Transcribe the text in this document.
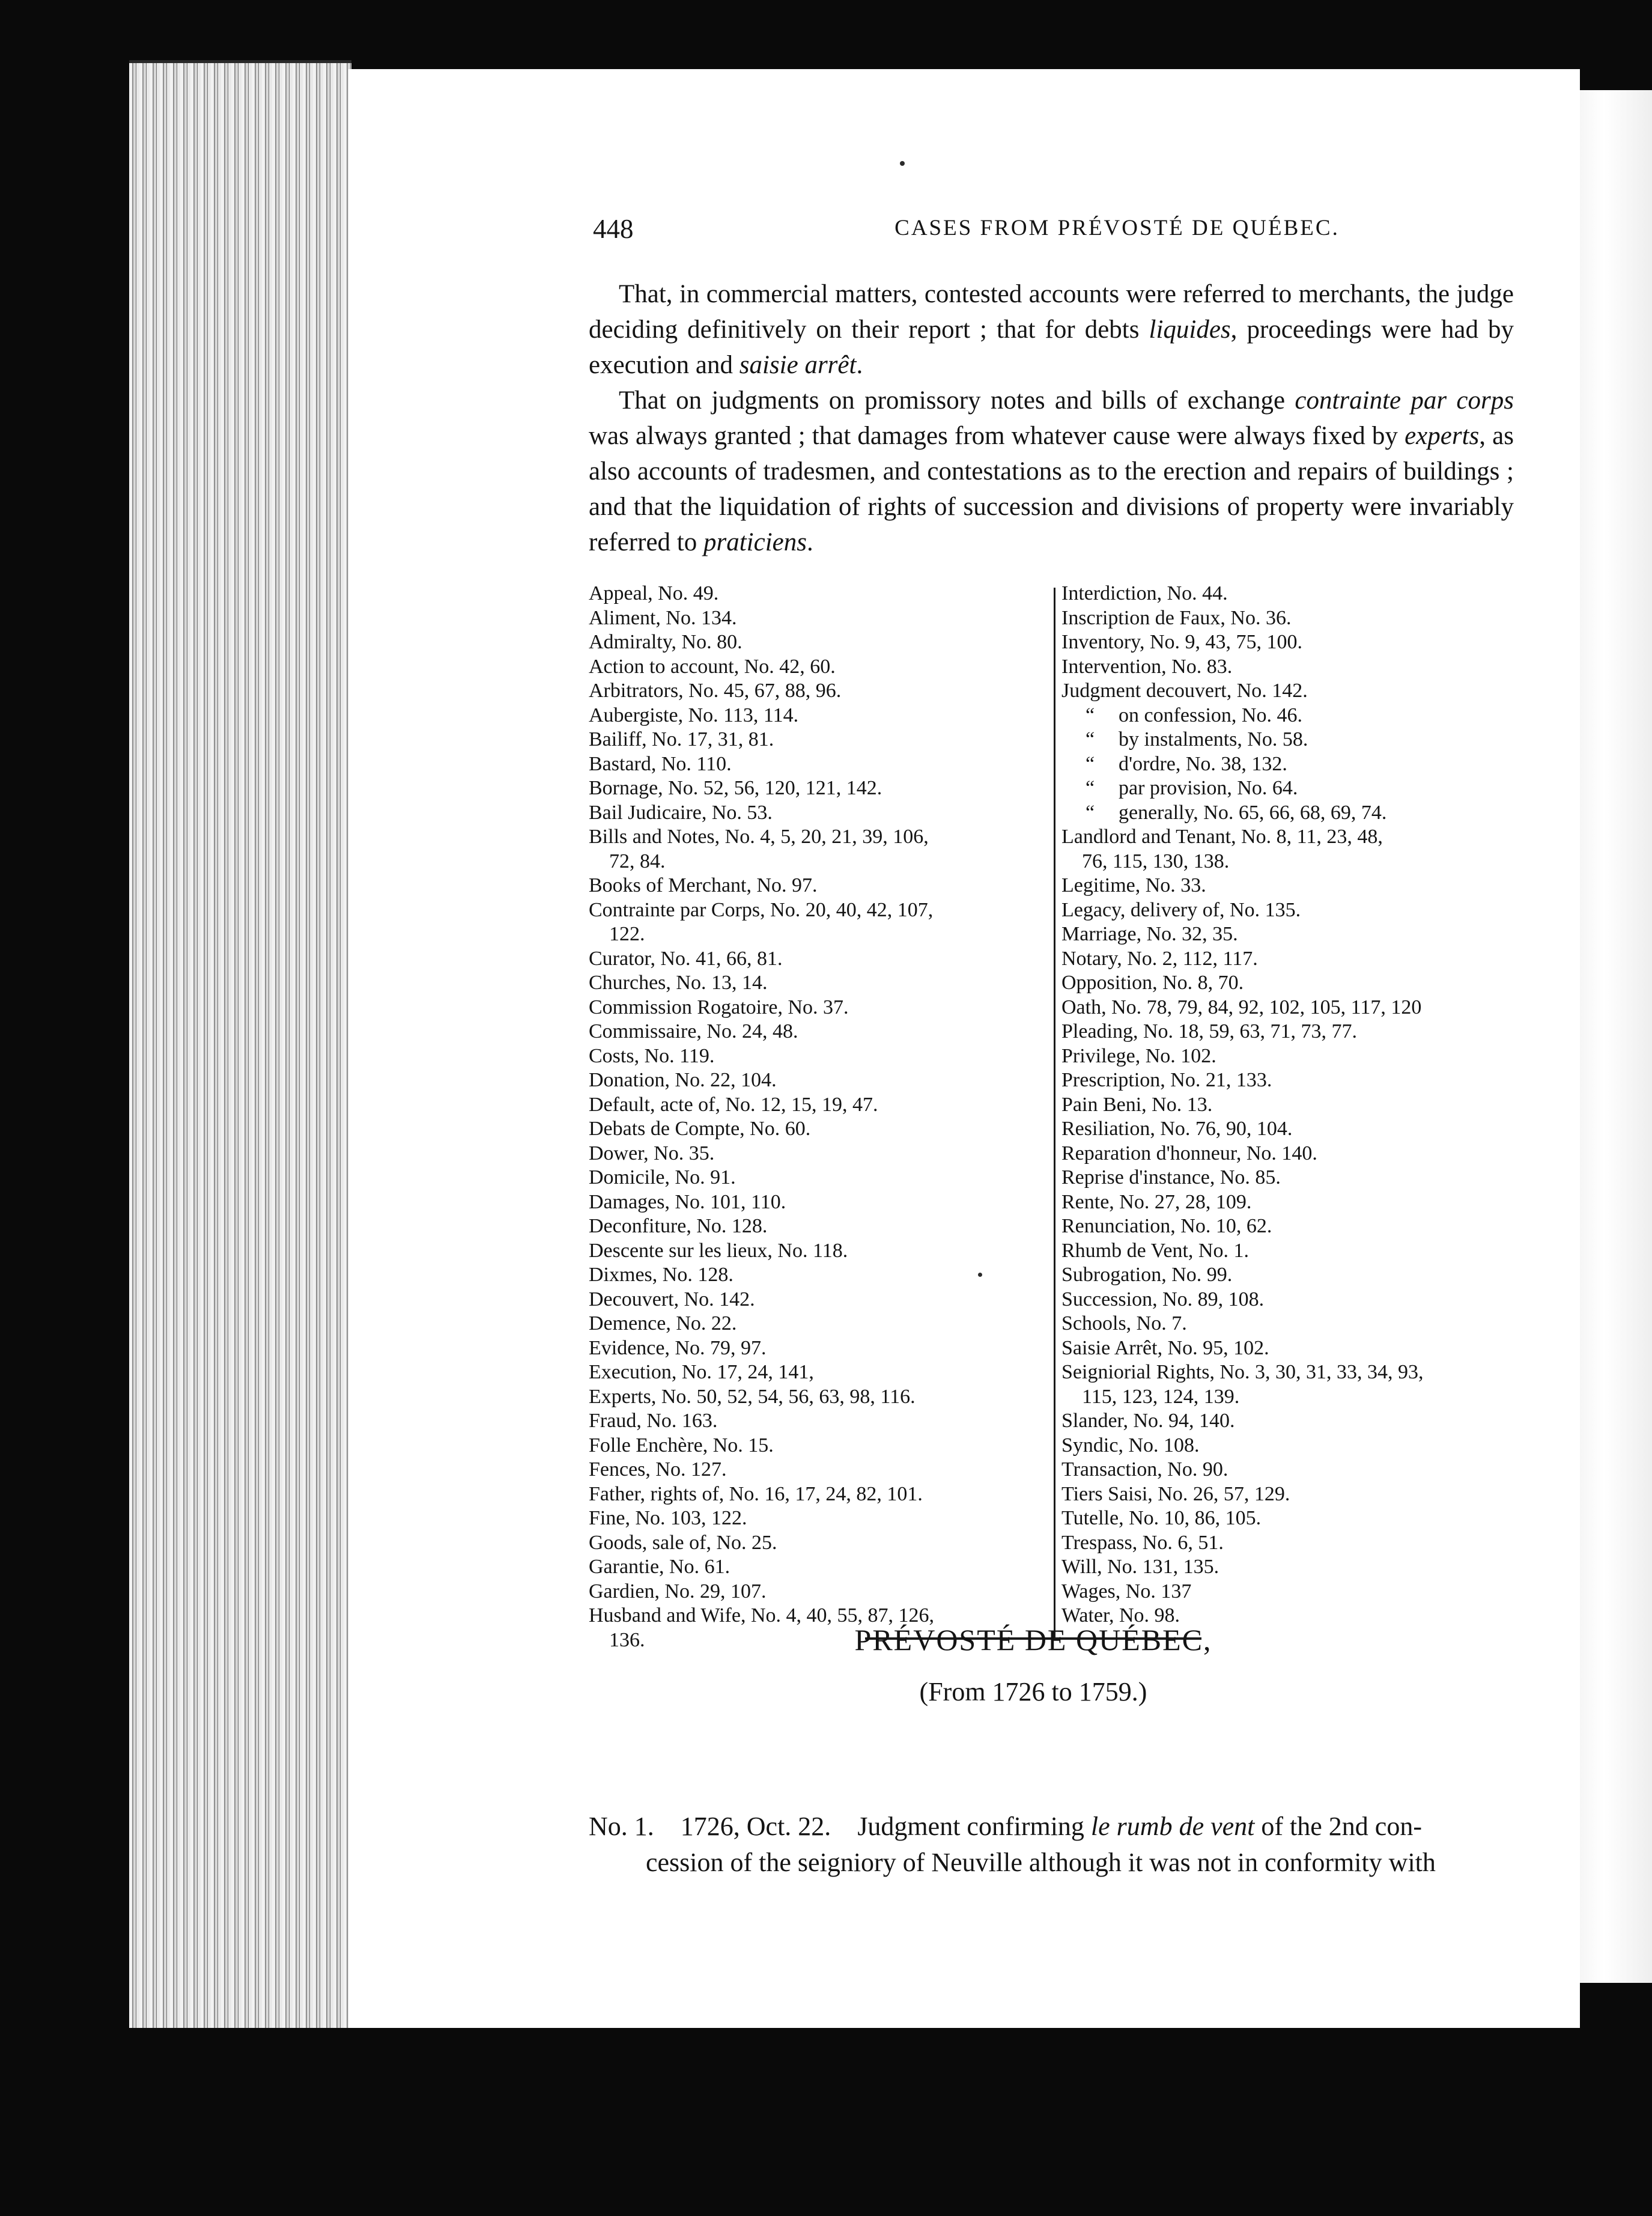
448	CASES FROM PRÉVOSTÉ DE QUÉBEC.

That, in commercial matters, contested accounts were referred to merchants, the judge deciding definitively on their report ; that for debts liquides, proceedings were had by execution and saisie arrêt.

That on judgments on promissory notes and bills of exchange contrainte par corps was always granted ; that damages from whatever cause were always fixed by experts, as also accounts of tradesmen, and contestations as to the erection and repairs of buildings ; and that the liquidation of rights of succession and divisions of property were invariably referred to praticiens.

Appeal, No. 49.
Aliment, No. 134.
Admiralty, No. 80.
Action to account, No. 42, 60.
Arbitrators, No. 45, 67, 88, 96.
Aubergiste, No. 113, 114.
Bailiff, No. 17, 31, 81.
Bastard, No. 110.
Bornage, No. 52, 56, 120, 121, 142.
Bail Judicaire, No. 53.
Bills and Notes, No. 4, 5, 20, 21, 39, 106,
72, 84.
Books of Merchant, No. 97.
Contrainte par Corps, No. 20, 40, 42, 107,
122.
Curator, No. 41, 66, 81.
Churches, No. 13, 14.
Commission Rogatoire, No. 37.
Commissaire, No. 24, 48.
Costs, No. 119.
Donation, No. 22, 104.
Default, acte of, No. 12, 15, 19, 47.
Debats de Compte, No. 60.
Dower, No. 35.
Domicile, No. 91.
Damages, No. 101, 110.
Deconfiture, No. 128.
Descente sur les lieux, No. 118.
Dixmes, No. 128.
Decouvert, No. 142.
Demence, No. 22.
Evidence, No. 79, 97.
Execution, No. 17, 24, 141,
Experts, No. 50, 52, 54, 56, 63, 98, 116.
Fraud, No. 163.
Folle Enchère, No. 15.
Fences, No. 127.
Father, rights of, No. 16, 17, 24, 82, 101.
Fine, No. 103, 122.
Goods, sale of, No. 25.
Garantie, No. 61.
Gardien, No. 29, 107.
Husband and Wife, No. 4, 40, 55, 87, 126,
136.
Interdiction, No. 44.
Inscription de Faux, No. 36.
Inventory, No. 9, 43, 75, 100.
Intervention, No. 83.
Judgment decouvert, No. 142.
“ on confession, No. 46.
“ by instalments, No. 58.
“ d'ordre, No. 38, 132.
“ par provision, No. 64.
“ generally, No. 65, 66, 68, 69, 74.
Landlord and Tenant, No. 8, 11, 23, 48,
76, 115, 130, 138.
Legitime, No. 33.
Legacy, delivery of, No. 135.
Marriage, No. 32, 35.
Notary, No. 2, 112, 117.
Opposition, No. 8, 70.
Oath, No. 78, 79, 84, 92, 102, 105, 117, 120
Pleading, No. 18, 59, 63, 71, 73, 77.
Privilege, No. 102.
Prescription, No. 21, 133.
Pain Beni, No. 13.
Resiliation, No. 76, 90, 104.
Reparation d'honneur, No. 140.
Reprise d'instance, No. 85.
Rente, No. 27, 28, 109.
Renunciation, No. 10, 62.
Rhumb de Vent, No. 1.
Subrogation, No. 99.
Succession, No. 89, 108.
Schools, No. 7.
Saisie Arrêt, No. 95, 102.
Seigniorial Rights, No. 3, 30, 31, 33, 34, 93,
115, 123, 124, 139.
Slander, No. 94, 140.
Syndic, No. 108.
Transaction, No. 90.
Tiers Saisi, No. 26, 57, 129.
Tutelle, No. 10, 86, 105.
Trespass, No. 6, 51.
Will, No. 131, 135.
Wages, No. 137
Water, No. 98.
PRÉVOSTÉ DE QUÉBEC,
(From 1726 to 1759.)
No. 1. 1726, Oct. 22. Judgment confirming le rumb de vent of the 2nd con-
cession of the seigniory of Neuville although it was not in conformity with
